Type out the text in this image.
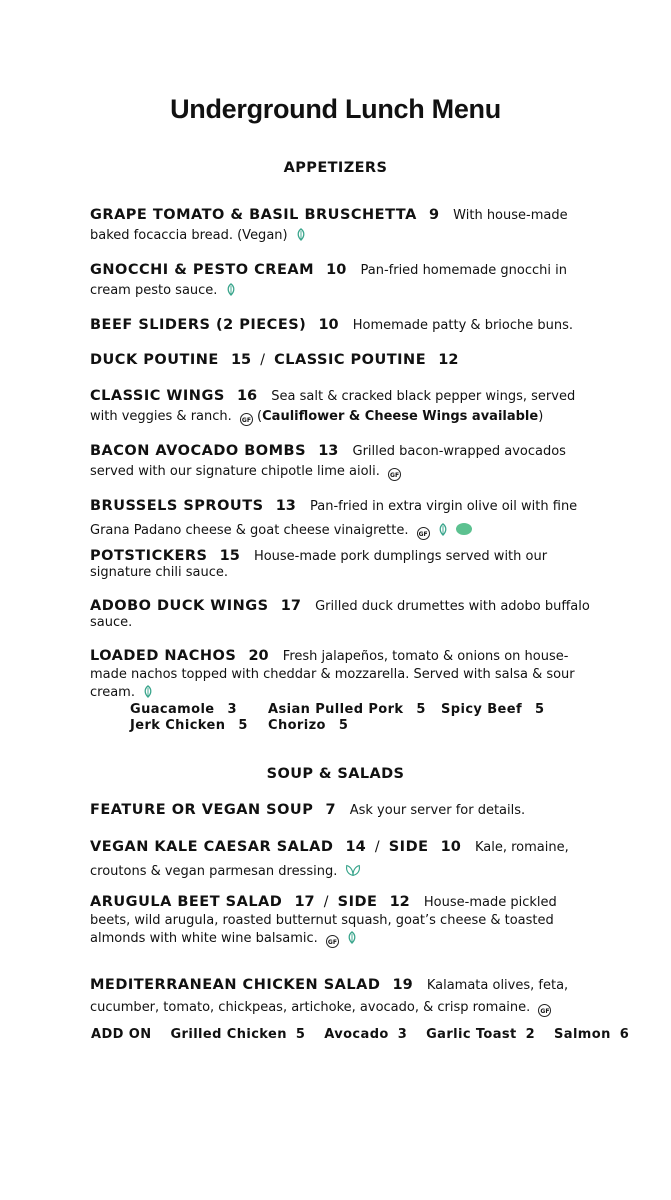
Underground Lunch Menu
APPETIZERS
GRAPE TOMATO & BASIL BRUSCHETTA 9 With house-made baked focaccia bread. (Vegan)
GNOCCHI & PESTO CREAM 10 Pan-fried homemade gnocchi in cream pesto sauce.
BEEF SLIDERS (2 PIECES) 10 Homemade patty & brioche buns.
DUCK POUTINE 15 / CLASSIC POUTINE 12
CLASSIC WINGS 16 Sea salt & cracked black pepper wings, served with veggies & ranch. GF (Cauliflower & Cheese Wings available)
BACON AVOCADO BOMBS 13 Grilled bacon-wrapped avocados served with our signature chipotle lime aioli. GF
BRUSSELS SPROUTS 13 Pan-fried in extra virgin olive oil with fine Grana Padano cheese & goat cheese vinaigrette. GF
POTSTICKERS 15 House-made pork dumplings served with our signature chili sauce.
ADOBO DUCK WINGS 17 Grilled duck drumettes with adobo buffalo sauce.
LOADED NACHOS 20 Fresh jalapeños, tomato & onions on house-made nachos topped with cheddar & mozzarella. Served with salsa & sour cream.
Guacamole 3	Asian Pulled Pork 5 Spicy Beef 5
Jerk Chicken 5 Chorizo 5
SOUP & SALADS
FEATURE OR VEGAN SOUP 7 Ask your server for details.
VEGAN KALE CAESAR SALAD 14 / SIDE 10 Kale, romaine, croutons & vegan parmesan dressing.
ARUGULA BEET SALAD 17 / SIDE 12 House-made pickled beets, wild arugula, roasted butternut squash, goat’s cheese & toasted almonds with white wine balsamic. GF
MEDITERRANEAN CHICKEN SALAD 19 Kalamata olives, feta, cucumber, tomato, chickpeas, artichoke, avocado, & crisp romaine. GF
ADD ON Grilled Chicken 5 Avocado 3 Garlic Toast 2 Salmon 6
